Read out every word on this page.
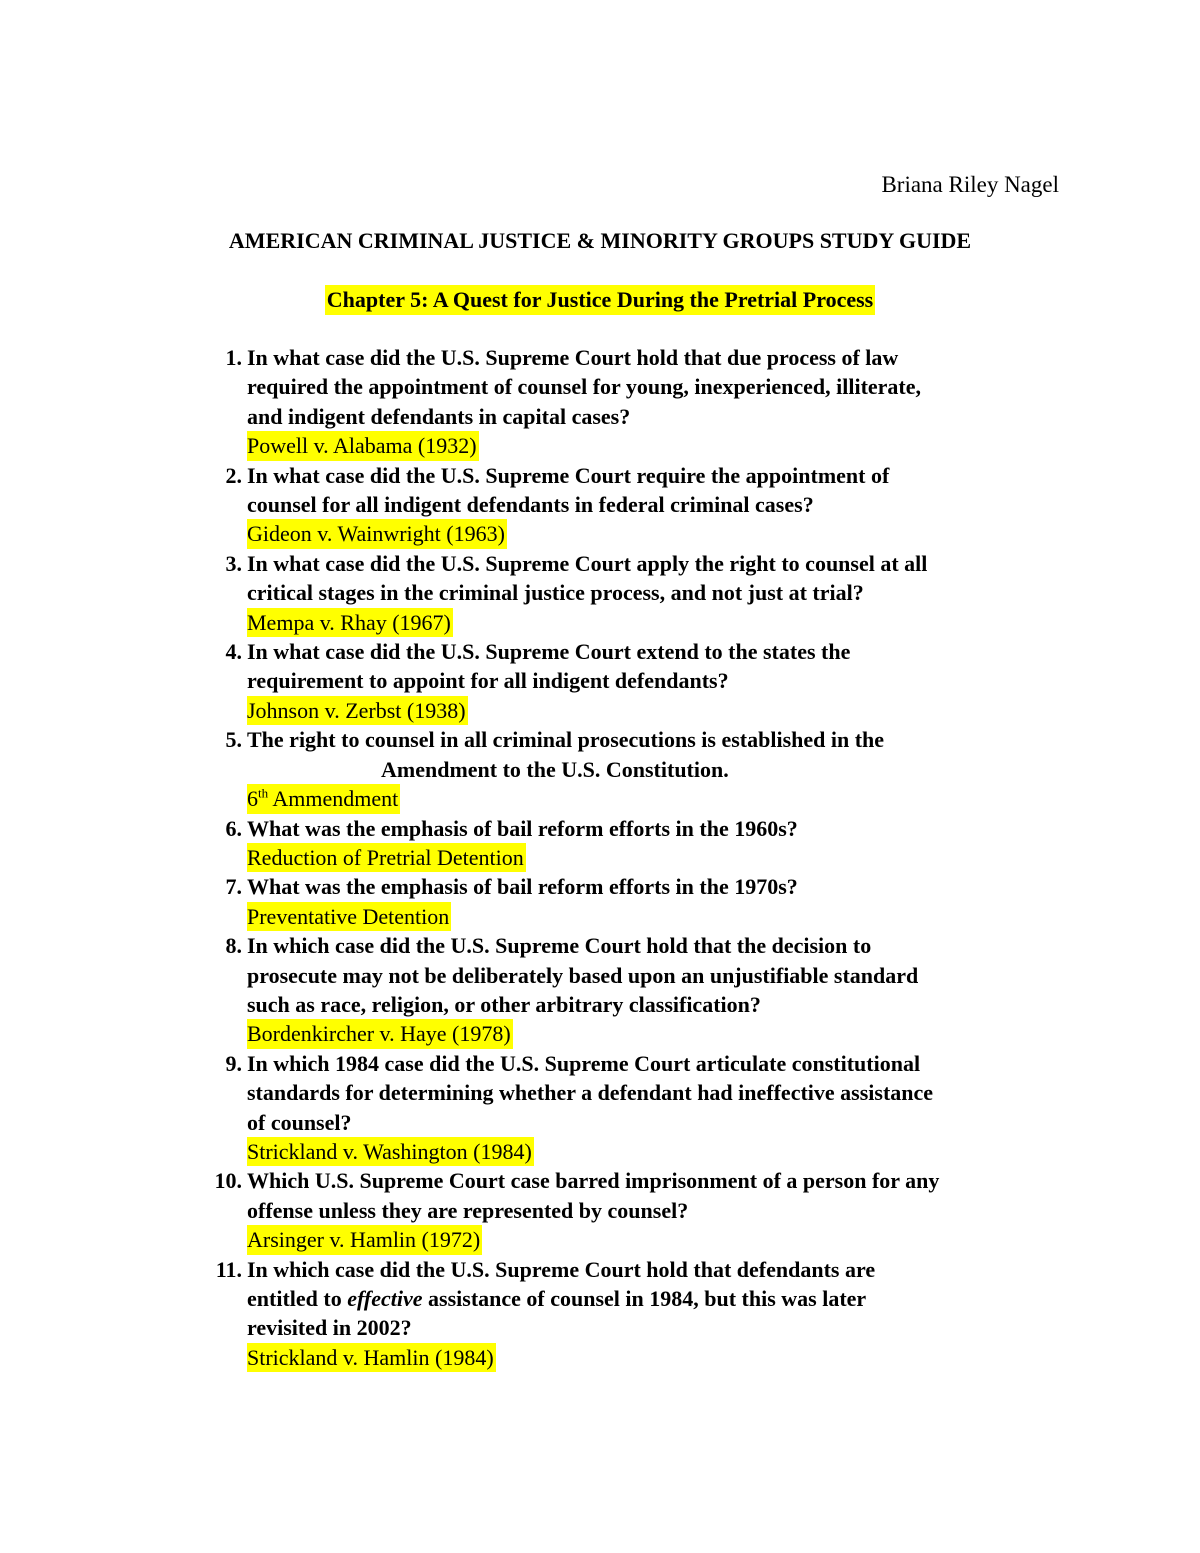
Briana Riley Nagel
AMERICAN CRIMINAL JUSTICE & MINORITY GROUPS STUDY GUIDE
Chapter 5: A Quest for Justice During the Pretrial Process
1. In what case did the U.S. Supreme Court hold that due process of law
required the appointment of counsel for young, inexperienced, illiterate,
and indigent defendants in capital cases?
Powell v. Alabama (1932)
2. In what case did the U.S. Supreme Court require the appointment of
counsel for all indigent defendants in federal criminal cases?
Gideon v. Wainwright (1963)
3. In what case did the U.S. Supreme Court apply the right to counsel at all
critical stages in the criminal justice process, and not just at trial?
Mempa v. Rhay (1967)
4. In what case did the U.S. Supreme Court extend to the states the
requirement to appoint for all indigent defendants?
Johnson v. Zerbst (1938)
5. The right to counsel in all criminal prosecutions is established in the
Amendment to the U.S. Constitution.
6th Ammendment
6. What was the emphasis of bail reform efforts in the 1960s?
Reduction of Pretrial Detention
7. What was the emphasis of bail reform efforts in the 1970s?
Preventative Detention
8. In which case did the U.S. Supreme Court hold that the decision to
prosecute may not be deliberately based upon an unjustifiable standard
such as race, religion, or other arbitrary classification?
Bordenkircher v. Haye (1978)
9. In which 1984 case did the U.S. Supreme Court articulate constitutional
standards for determining whether a defendant had ineffective assistance
of counsel?
Strickland v. Washington (1984)
10. Which U.S. Supreme Court case barred imprisonment of a person for any
offense unless they are represented by counsel?
Arsinger v. Hamlin (1972)
11. In which case did the U.S. Supreme Court hold that defendants are
entitled to effective assistance of counsel in 1984, but this was later
revisited in 2002?
Strickland v. Hamlin (1984)
